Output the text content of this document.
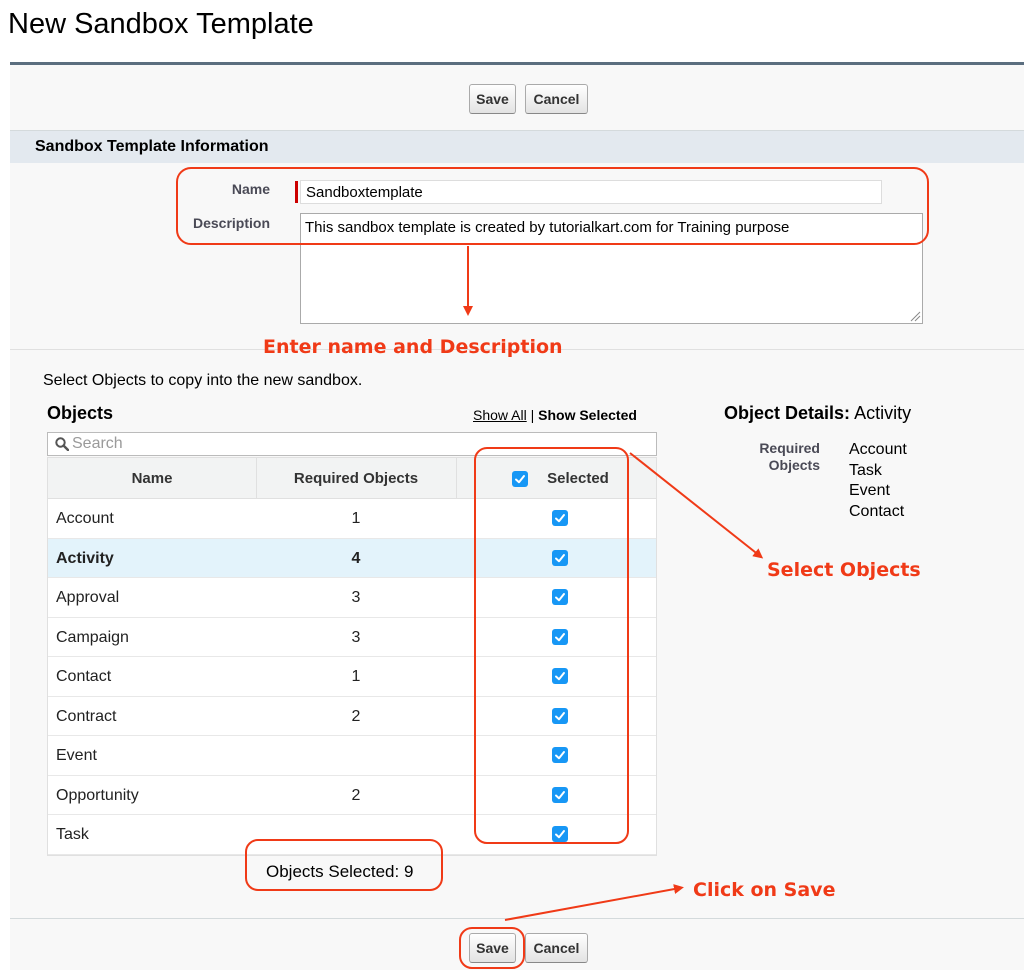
New Sandbox Template
Save	Cancel
Sandbox Template Information
Name
Sandboxtemplate
Description
This sandbox template is created by tutorialkart.com for Training purpose
Select Objects to copy into the new sandbox.
Objects	Show All | Show Selected
Search
Name	Required Objects	Selected
Account	1
Activity	4
Approval	3
Campaign	3
Contact	1
Contract	2
Event
Opportunity	2
Task
Objects Selected: 9
Object Details: Activity
Required Objects
Account
Task
Event
Contact
Save	Cancel
Enter name and Description
Select Objects
Click on Save
